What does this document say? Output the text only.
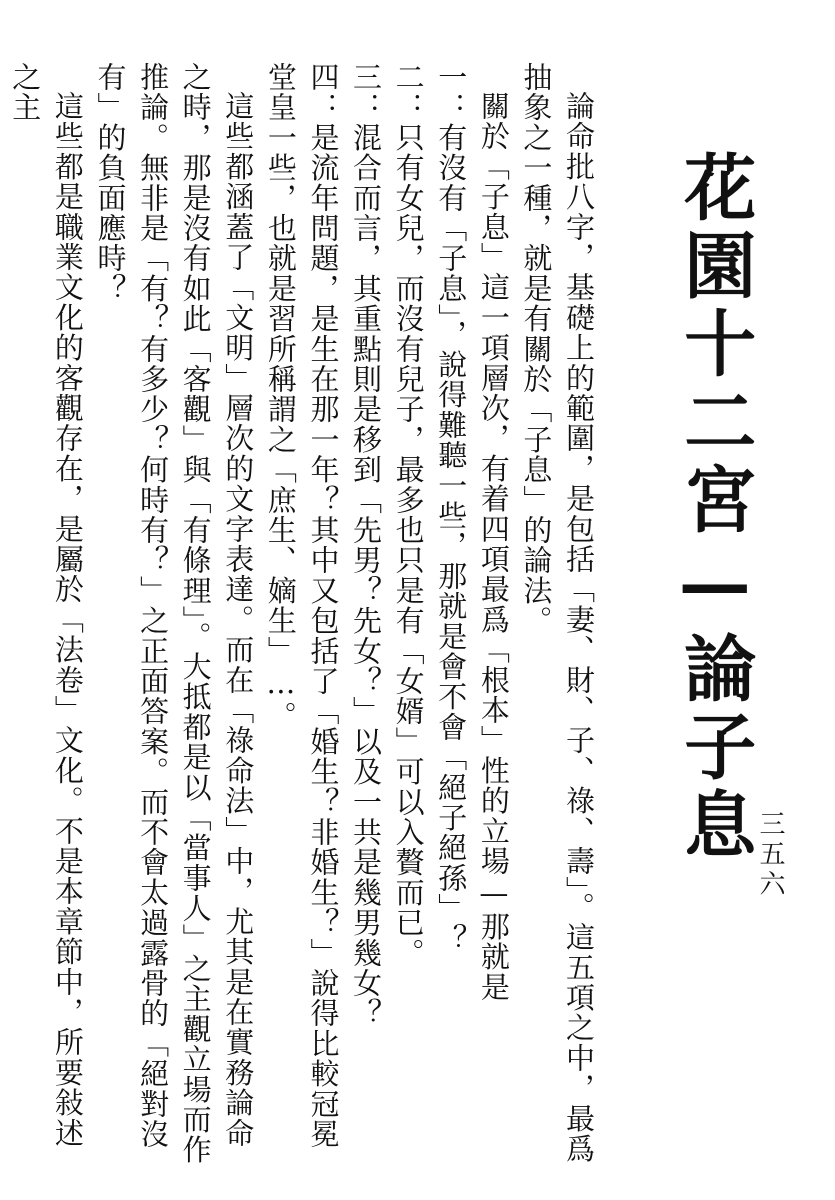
三五六
花園十二宮—論子息

論命批八字，基礎上的範圍，是包括「妻、財、子、祿、壽」。這五項之中，最爲抽象之一種，就是有關於「子息」的論法。

關於「子息」這一項層次，有着四項最爲「根本」性的立場—那就是

一：有沒有「子息」，說得難聽一些，那就是會不會「絕子絕孫」？

二：只有女兒，而沒有兒子，最多也只是有「女婿」可以入贅而已。

三：混合而言，其重點則是移到「先男？先女？」以及一共是幾男幾女？

四：是流年問題，是生在那一年？其中又包括了「婚生？非婚生？」說得比較冠冕堂皇一些，也就是習所稱謂之「庶生、嫡生」…。

這些都涵蓋了「文明」層次的文字表達。而在「祿命法」中，尤其是在實務論命之時，那是沒有如此「客觀」與「有條理」。大抵都是以「當事人」之主觀立場而作推論。無非是「有？有多少？何時有？」之正面答案。而不會太過露骨的「絕對沒有」的負面應時？

這些都是職業文化的客觀存在，是屬於「法卷」文化。不是本章節中，所要敍述之主
